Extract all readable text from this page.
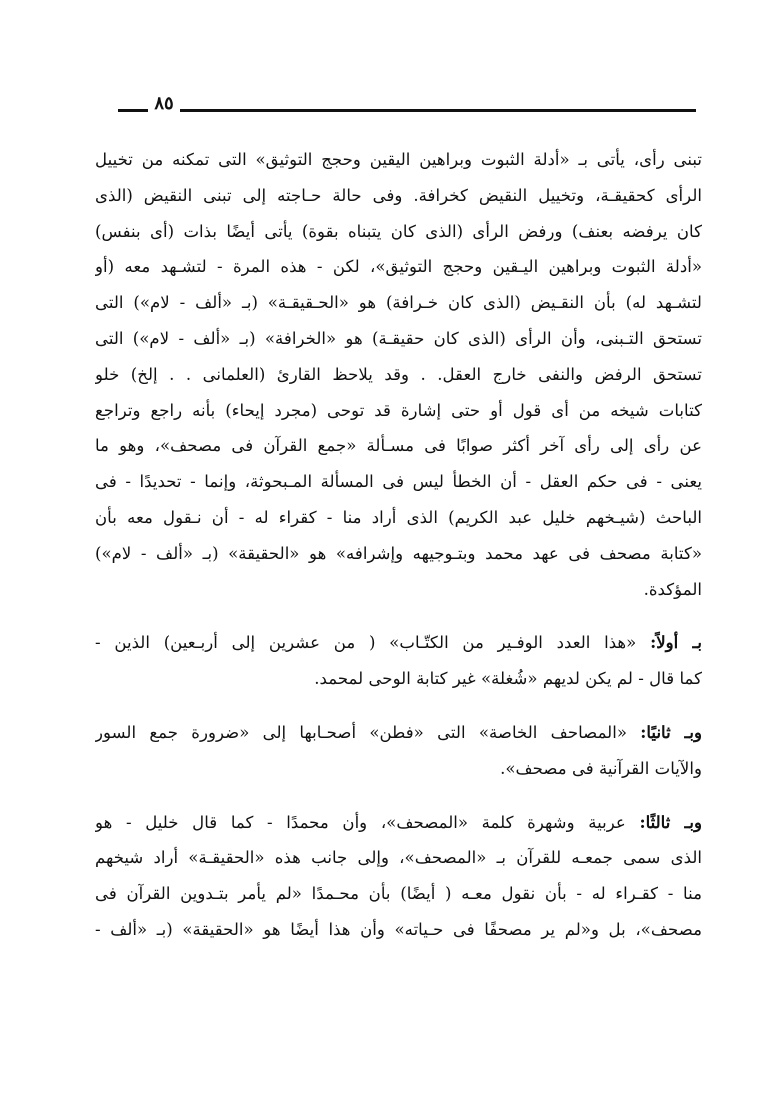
٨٥
تبنى رأى، يأتى بـ «أدلة الثبوت وبراهين اليقين وحجج التوثيق» التى تمكنه من تخييل
الرأى كحقيقـة، وتخييل النقيض كخرافة. وفى حالة حـاجته إلى تبنى النقيض (الذى
كان يرفضه بعنف) ورفض الرأى (الذى كان يتبناه بقوة) يأتى أيضًا بذات (أى بنفس)
«أدلة الثبوت وبراهين اليـقين وحجج التوثيق»، لكن - هذه المرة - لتشـهد معه (أو
لتشـهد له) بأن النقـيض (الذى كان خـرافة) هو «الحـقيقـة» (بـ «ألف - لام») التى
تستحق التـبنى، وأن الرأى (الذى كان حقيقـة) هو «الخرافة» (بـ «ألف - لام») التى
تستحق الرفض والنفى خارج العقل. . وقد يلاحظ القارئ (العلمانى . . إلخ) خلو
كتابات شيخه من أى قول أو حتى إشارة قد توحى (مجرد إيحاء) بأنه راجع وتراجع
عن رأى إلى رأى آخر أكثر صوابًا فى مسـألة «جمع القرآن فى مصحف»، وهو ما
يعنى - فى حكم العقل - أن الخطأ ليس فى المسألة المـبحوثة، وإنما - تحديدًا - فى
الباحث (شيـخهم خليل عبد الكريم) الذى أراد منا - كقراء له - أن نـقول معه بأن
«كتابة مصحف فى عهد محمد وبتـوجيهه وإشرافه» هو «الحقيقة» (بـ «ألف - لام»)
المؤكدة.
بـ أولاً: «هذا العدد الوفـير من الكتّـاب» ( من عشرين إلى أربـعين) الذين -
كما قال - لم يكن لديهم «شُغلة» غير كتابة الوحى لمحمد.
وبـ ثانيًا: «المصاحف الخاصة» التى «فطن» أصحـابها إلى «ضرورة جمع السور
والآيات القرآنية فى مصحف».
وبـ ثالثًا: عربية وشهرة كلمة «المصحف»، وأن محمدًا - كما قال خليل - هو
الذى سمى جمعـه للقرآن بـ «المصحف»، وإلى جانب هذه «الحقيقـة» أراد شيخهم
منا - كقـراء له - بأن نقول معـه ( أيضًا) بأن محـمدًا «لم يأمر بتـدوين القرآن فى
مصحف»، بل و«لم ير مصحفًا فى حـياته» وأن هذا أيضًا هو «الحقيقة» (بـ «ألف -
